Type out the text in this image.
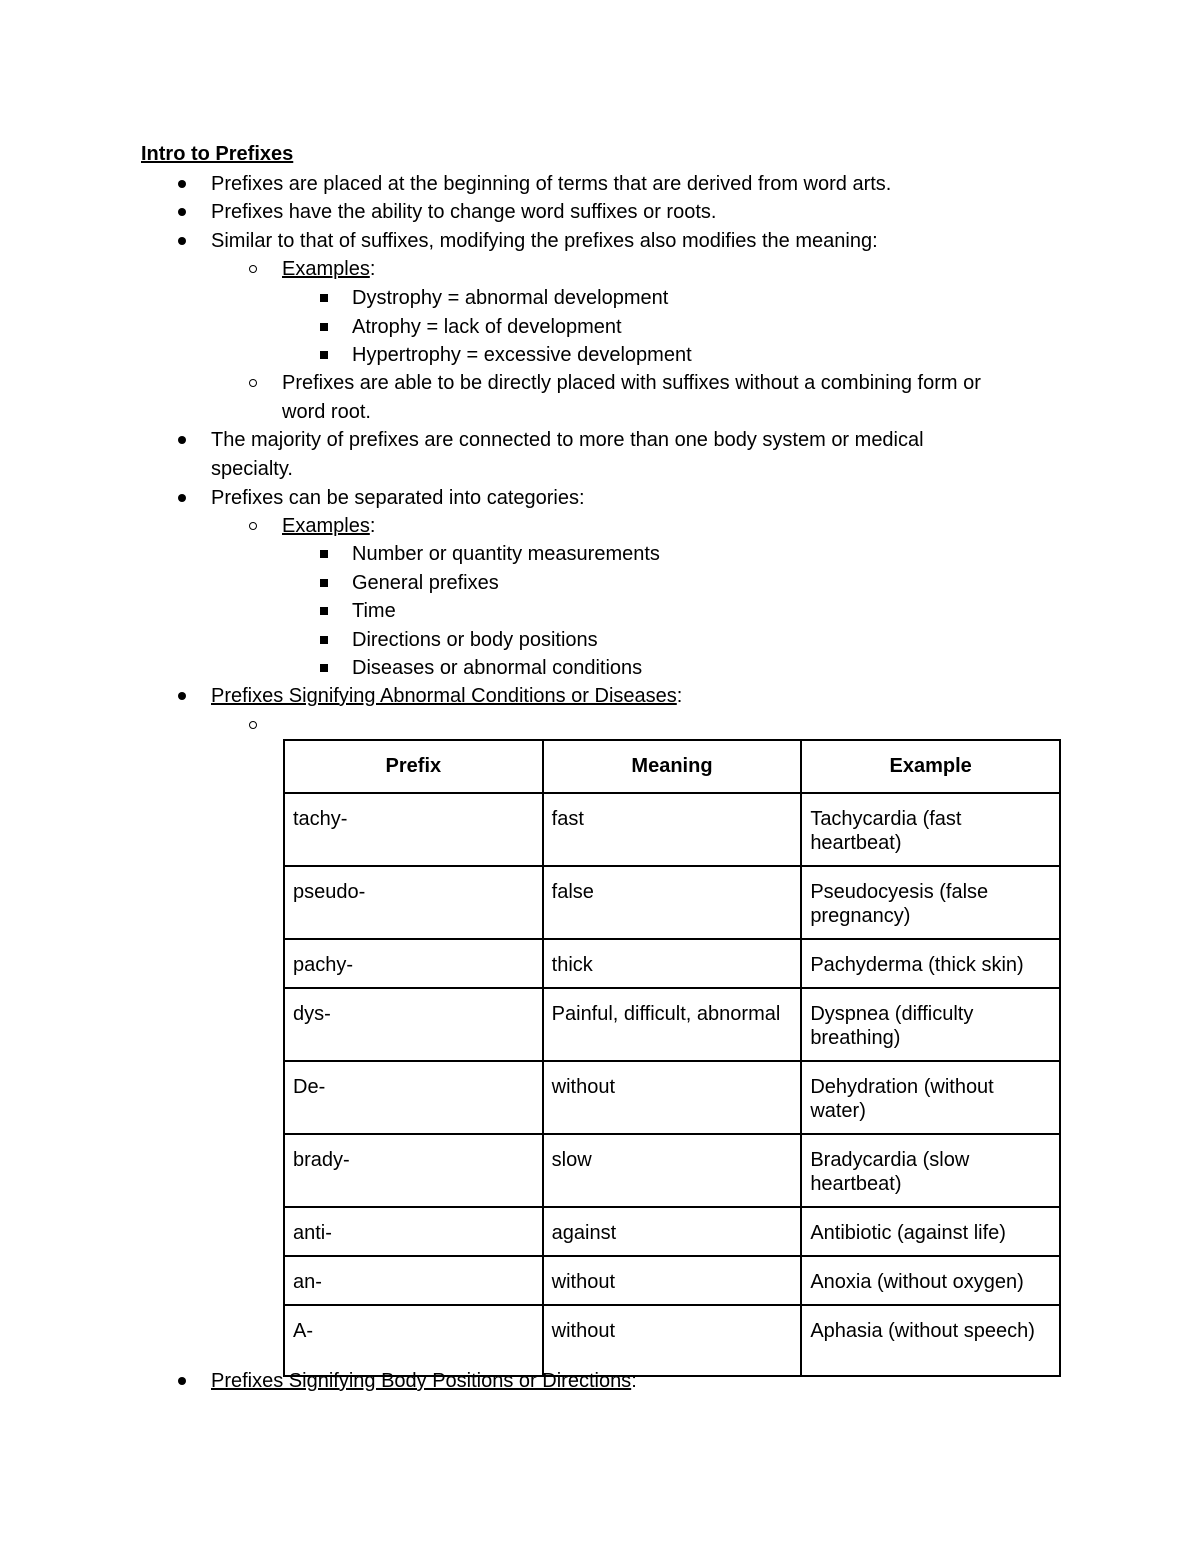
Intro to Prefixes
Prefixes are placed at the beginning of terms that are derived from word arts.
Prefixes have the ability to change word suffixes or roots.
Similar to that of suffixes, modifying the prefixes also modifies the meaning:
Examples:
Dystrophy = abnormal development
Atrophy = lack of development
Hypertrophy = excessive development
Prefixes are able to be directly placed with suffixes without a combining form or
word root.
The majority of prefixes are connected to more than one body system or medical
specialty.
Prefixes can be separated into categories:
Examples:
Number or quantity measurements
General prefixes
Time
Directions or body positions
Diseases or abnormal conditions
Prefixes Signifying Abnormal Conditions or Diseases:
Prefix	Meaning	Example
tachy-	fast	Tachycardia (fast heartbeat)
pseudo-	false	Pseudocyesis (false pregnancy)
pachy-	thick	Pachyderma (thick skin)
dys-	Painful, difficult, abnormal	Dyspnea (difficulty breathing)
De-	without	Dehydration (without water)
brady-	slow	Bradycardia (slow heartbeat)
anti-	against	Antibiotic (against life)
an-	without	Anoxia (without oxygen)
A-	without	Aphasia (without speech)
Prefixes Signifying Body Positions or Directions:
